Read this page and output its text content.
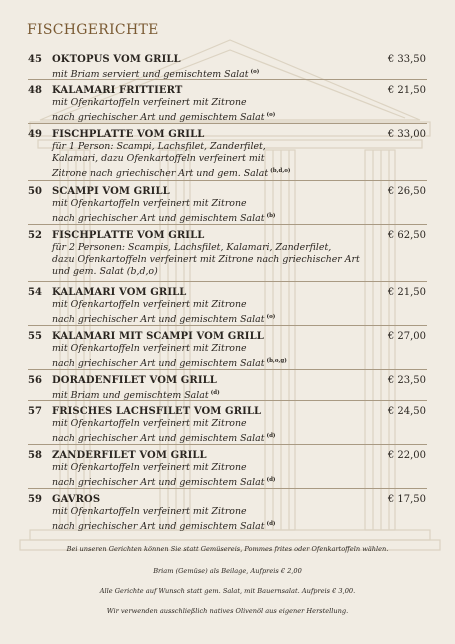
FISCHGERICHTE
45 OKTOPUS VOM GRILL	€ 33,50
mit Briam serviert und gemischtem Salat $^{(o)}$
48 KALAMARI FRITTIERT	€ 21,50
mit Ofenkartoffeln verfeinert mit Zitrone
nach griechischer Art und gemischtem Salat $^{(o)}$
49 FISCHPLATTE VOM GRILL	€ 33,00
für 1 Person: Scampi, Lachsfilet, Zanderfilet,
Kalamari, dazu Ofenkartoffeln verfeinert mit
Zitrone nach griechischer Art und gem. Salat $^{(b,d,o)}$
50 SCAMPI VOM GRILL	€ 26,50
mit Ofenkartoffeln verfeinert mit Zitrone
nach griechischer Art und gemischtem Salat $^{(b)}$
52 FISCHPLATTE VOM GRILL	€ 62,50
für 2 Personen: Scampis, Lachsfilet, Kalamari, Zanderfilet,
dazu Ofenkartoffeln verfeinert mit Zitrone nach griechischer Art
und gem. Salat (b,d,o)
54 KALAMARI VOM GRILL	€ 21,50
mit Ofenkartoffeln verfeinert mit Zitrone
nach griechischer Art und gemischtem Salat $^{(o)}$
55 KALAMARI MIT SCAMPI VOM GRILL	€ 27,00
mit Ofenkartoffeln verfeinert mit Zitrone
nach griechischer Art und gemischtem Salat $^{(b,o,g)}$
56 DORADENFILET VOM GRILL	€ 23,50
mit Briam und gemischtem Salat $^{(d)}$
57 FRISCHES LACHSFILET VOM GRILL	€ 24,50
mit Ofenkartoffeln verfeinert mit Zitrone
nach griechischer Art und gemischtem Salat $^{(d)}$
58 ZANDERFILET VOM GRILL	€ 22,00
mit Ofenkartoffeln verfeinert mit Zitrone
nach griechischer Art und gemischtem Salat $^{(d)}$
59 GAVROS	€ 17,50
mit Ofenkartoffeln verfeinert mit Zitrone
nach griechischer Art und gemischtem Salat $^{(d)}$
Bei unseren Gerichten können Sie statt Gemüsereis, Pommes frites oder Ofenkartoffeln wählen.
Briam (Gemüse) als Beilage, Aufpreis € 2,00
Alle Gerichte auf Wunsch statt gem. Salat, mit Bauernsalat. Aufpreis € 3,00.
Wir verwenden ausschließlich natives Olivenöl aus eigener Herstellung.
